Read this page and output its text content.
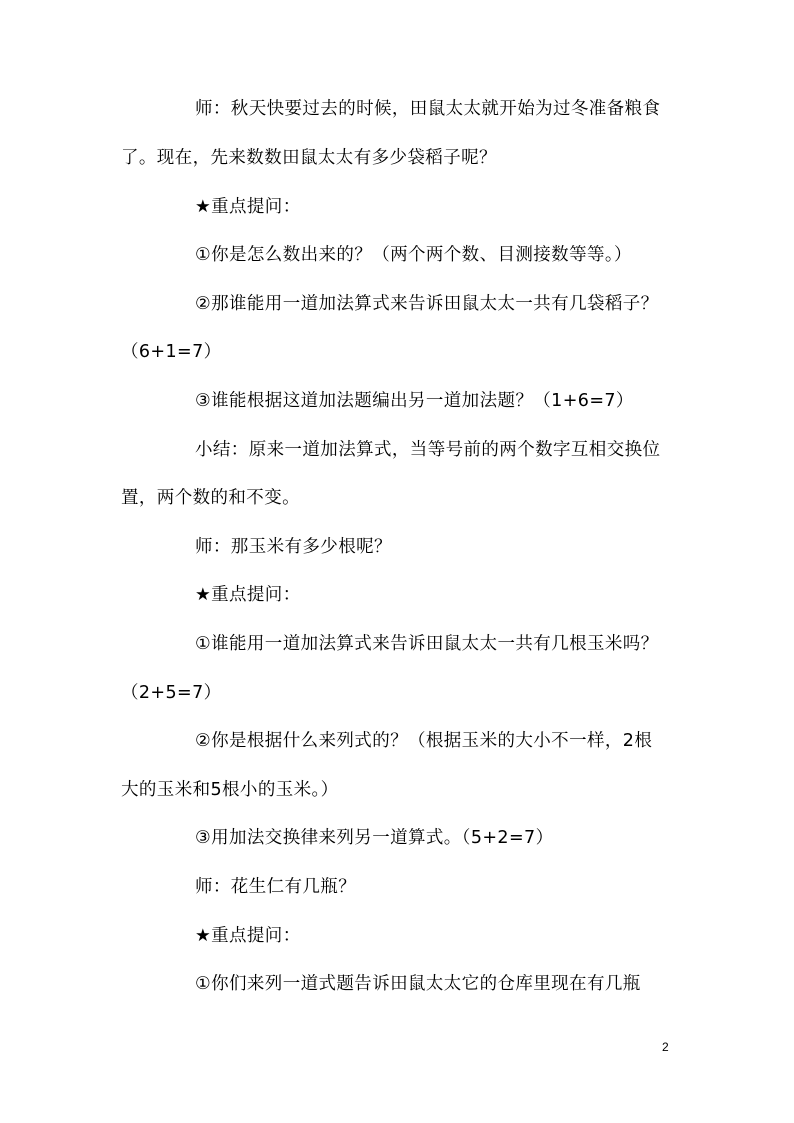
师：秋天快要过去的时候，田鼠太太就开始为过冬准备粮食
了。现在，先来数数田鼠太太有多少袋稻子呢？
★重点提问：
①你是怎么数出来的？（两个两个数、目测接数等等。）
②那谁能用一道加法算式来告诉田鼠太太一共有几袋稻子？
（6+1=7）
③谁能根据这道加法题编出另一道加法题？（1+6=7）
小结：原来一道加法算式，当等号前的两个数字互相交换位
置，两个数的和不变。
师：那玉米有多少根呢？
★重点提问：
①谁能用一道加法算式来告诉田鼠太太一共有几根玉米吗？
（2+5=7）
②你是根据什么来列式的？（根据玉米的大小不一样，2根
大的玉米和5根小的玉米。）
③用加法交换律来列另一道算式。（5+2=7）
师：花生仁有几瓶？
★重点提问：
①你们来列一道式题告诉田鼠太太它的仓库里现在有几瓶
2
